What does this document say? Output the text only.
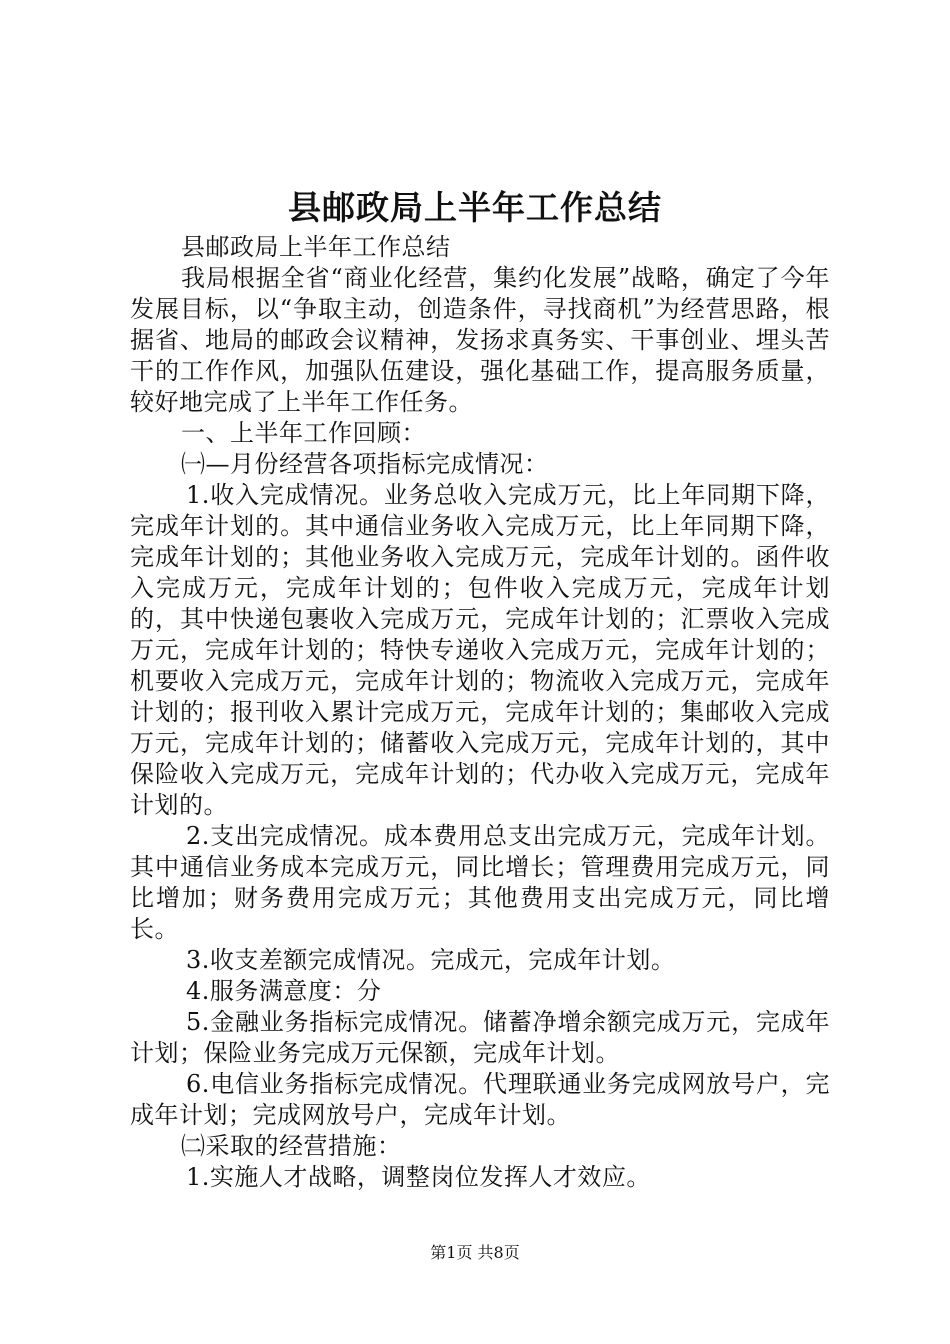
县邮政局上半年工作总结

县邮政局上半年工作总结

我局根据全省“商业化经营，集约化发展”战略，确定了今年发展目标，以“争取主动，创造条件，寻找商机”为经营思路，根据省、地局的邮政会议精神，发扬求真务实、干事创业、埋头苦干的工作作风，加强队伍建设，强化基础工作，提高服务质量，较好地完成了上半年工作任务。

一、上半年工作回顾：

㈠—月份经营各项指标完成情况：

1.收入完成情况。业务总收入完成万元，比上年同期下降，完成年计划的。其中通信业务收入完成万元，比上年同期下降，完成年计划的；其他业务收入完成万元，完成年计划的。函件收入完成万元，完成年计划的；包件收入完成万元，完成年计划的，其中快递包裹收入完成万元，完成年计划的；汇票收入完成万元，完成年计划的；特快专递收入完成万元，完成年计划的；机要收入完成万元，完成年计划的；物流收入完成万元，完成年计划的；报刊收入累计完成万元，完成年计划的；集邮收入完成万元，完成年计划的；储蓄收入完成万元，完成年计划的，其中保险收入完成万元，完成年计划的；代办收入完成万元，完成年计划的。

2.支出完成情况。成本费用总支出完成万元，完成年计划。其中通信业务成本完成万元，同比增长；管理费用完成万元，同比增加；财务费用完成万元；其他费用支出完成万元，同比增长。

3.收支差额完成情况。完成元，完成年计划。

4.服务满意度：分

5.金融业务指标完成情况。储蓄净增余额完成万元，完成年计划；保险业务完成万元保额，完成年计划。

6.电信业务指标完成情况。代理联通业务完成网放号户，完成年计划；完成网放号户，完成年计划。

㈡采取的经营措施：

1.实施人才战略，调整岗位发挥人才效应。

第1页 共8页
